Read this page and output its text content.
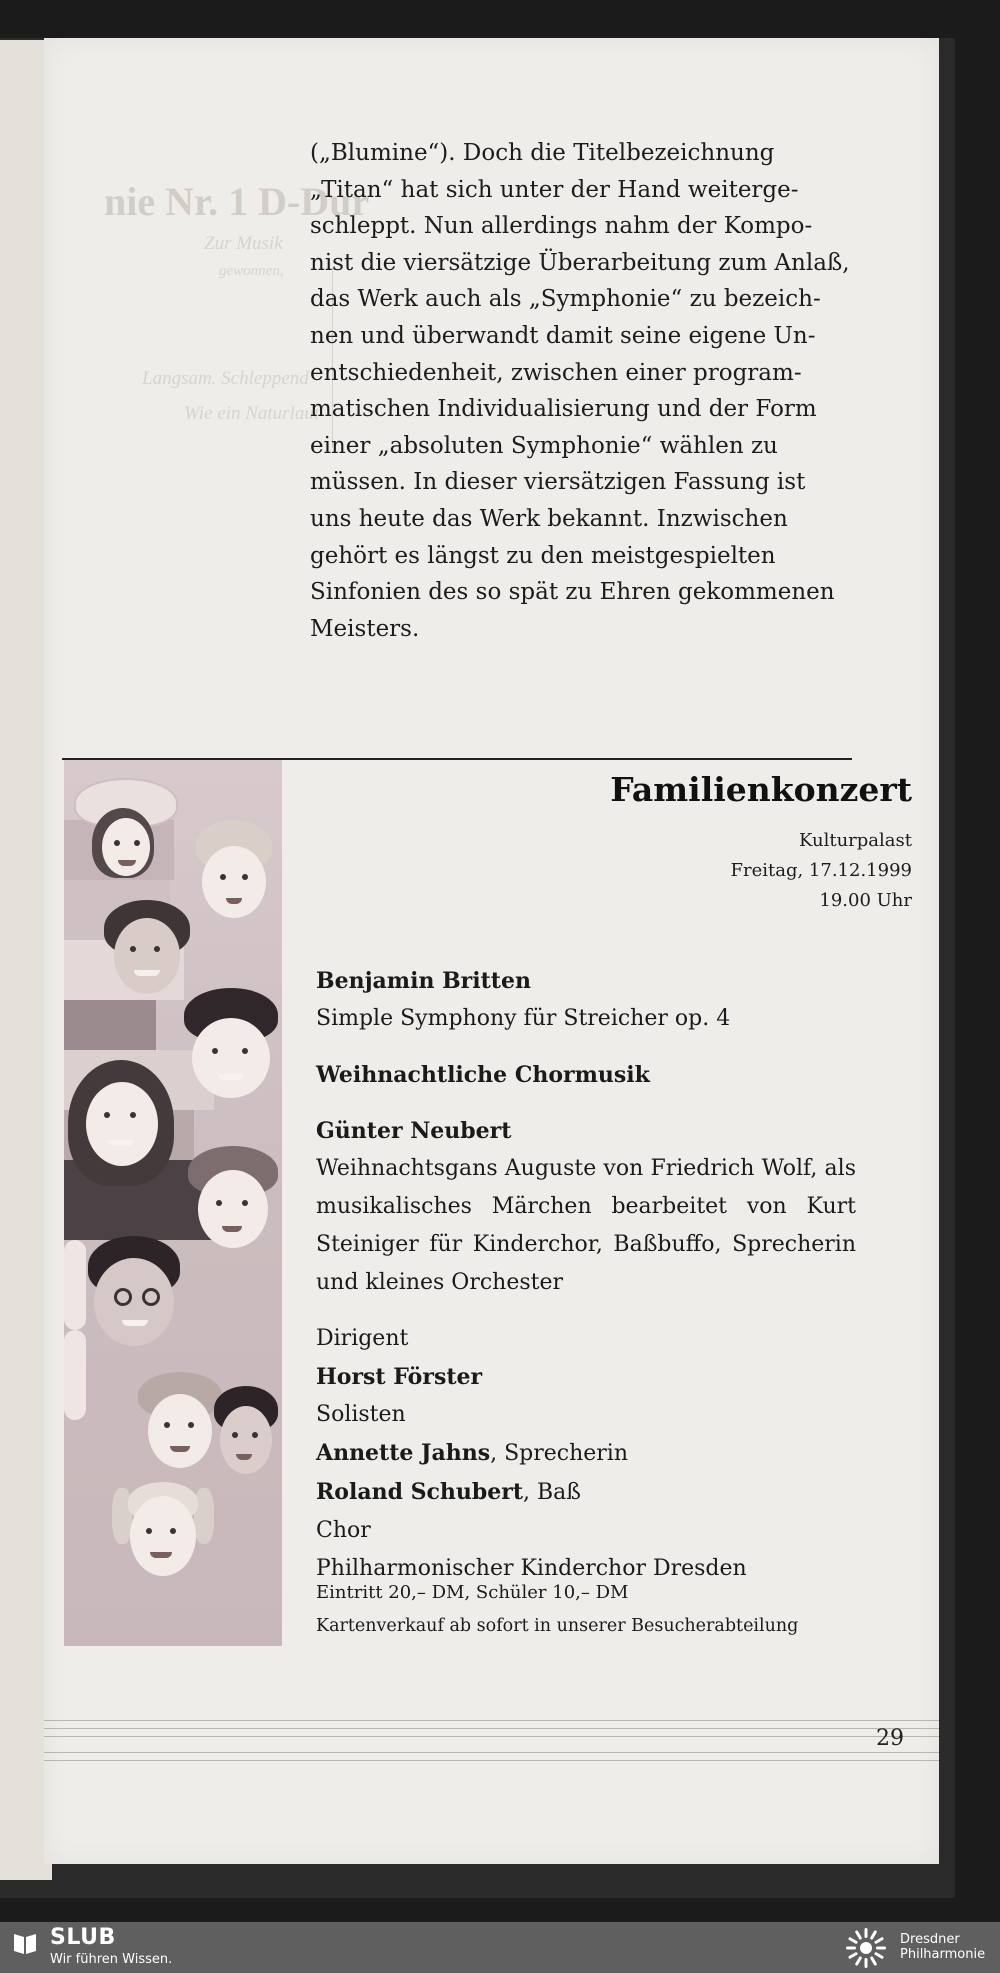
nie Nr. 1 D-Dur
Zur Musik
gewonnen,
Langsam. Schleppend
Wie ein Naturlaut
(„Blumine“). Doch die Titelbezeichnung
„Titan“ hat sich unter der Hand weiterge-
schleppt. Nun allerdings nahm der Kompo-
nist die viersätzige Überarbeitung zum Anlaß,
das Werk auch als „Symphonie“ zu bezeich-
nen und überwandt damit seine eigene Un-
entschiedenheit, zwischen einer program-
matischen Individualisierung und der Form
einer „absoluten Symphonie“ wählen zu
müssen. In dieser viersätzigen Fassung ist
uns heute das Werk bekannt. Inzwischen
gehört es längst zu den meistgespielten
Sinfonien des so spät zu Ehren gekommenen
Meisters.
Familienkonzert
Kulturpalast
Freitag, 17.12.1999
19.00 Uhr
Benjamin Britten
Simple Symphony für Streicher op. 4
Weihnachtliche Chormusik
Günter Neubert
Weihnachtsgans Auguste von Friedrich Wolf, als musikalisches Märchen bearbeitet von Kurt Steiniger für Kinderchor, Baßbuffo, Sprecherin und kleines Orchester
Dirigent
Horst Förster
Solisten
Annette Jahns, Sprecherin
Roland Schubert, Baß
Chor
Philharmonischer Kinderchor Dresden
Eintritt 20,– DM, Schüler 10,– DM
Kartenverkauf ab sofort in unserer Besucherabteilung
29
SLUB
Wir führen Wissen.
Dresdner
Philharmonie
